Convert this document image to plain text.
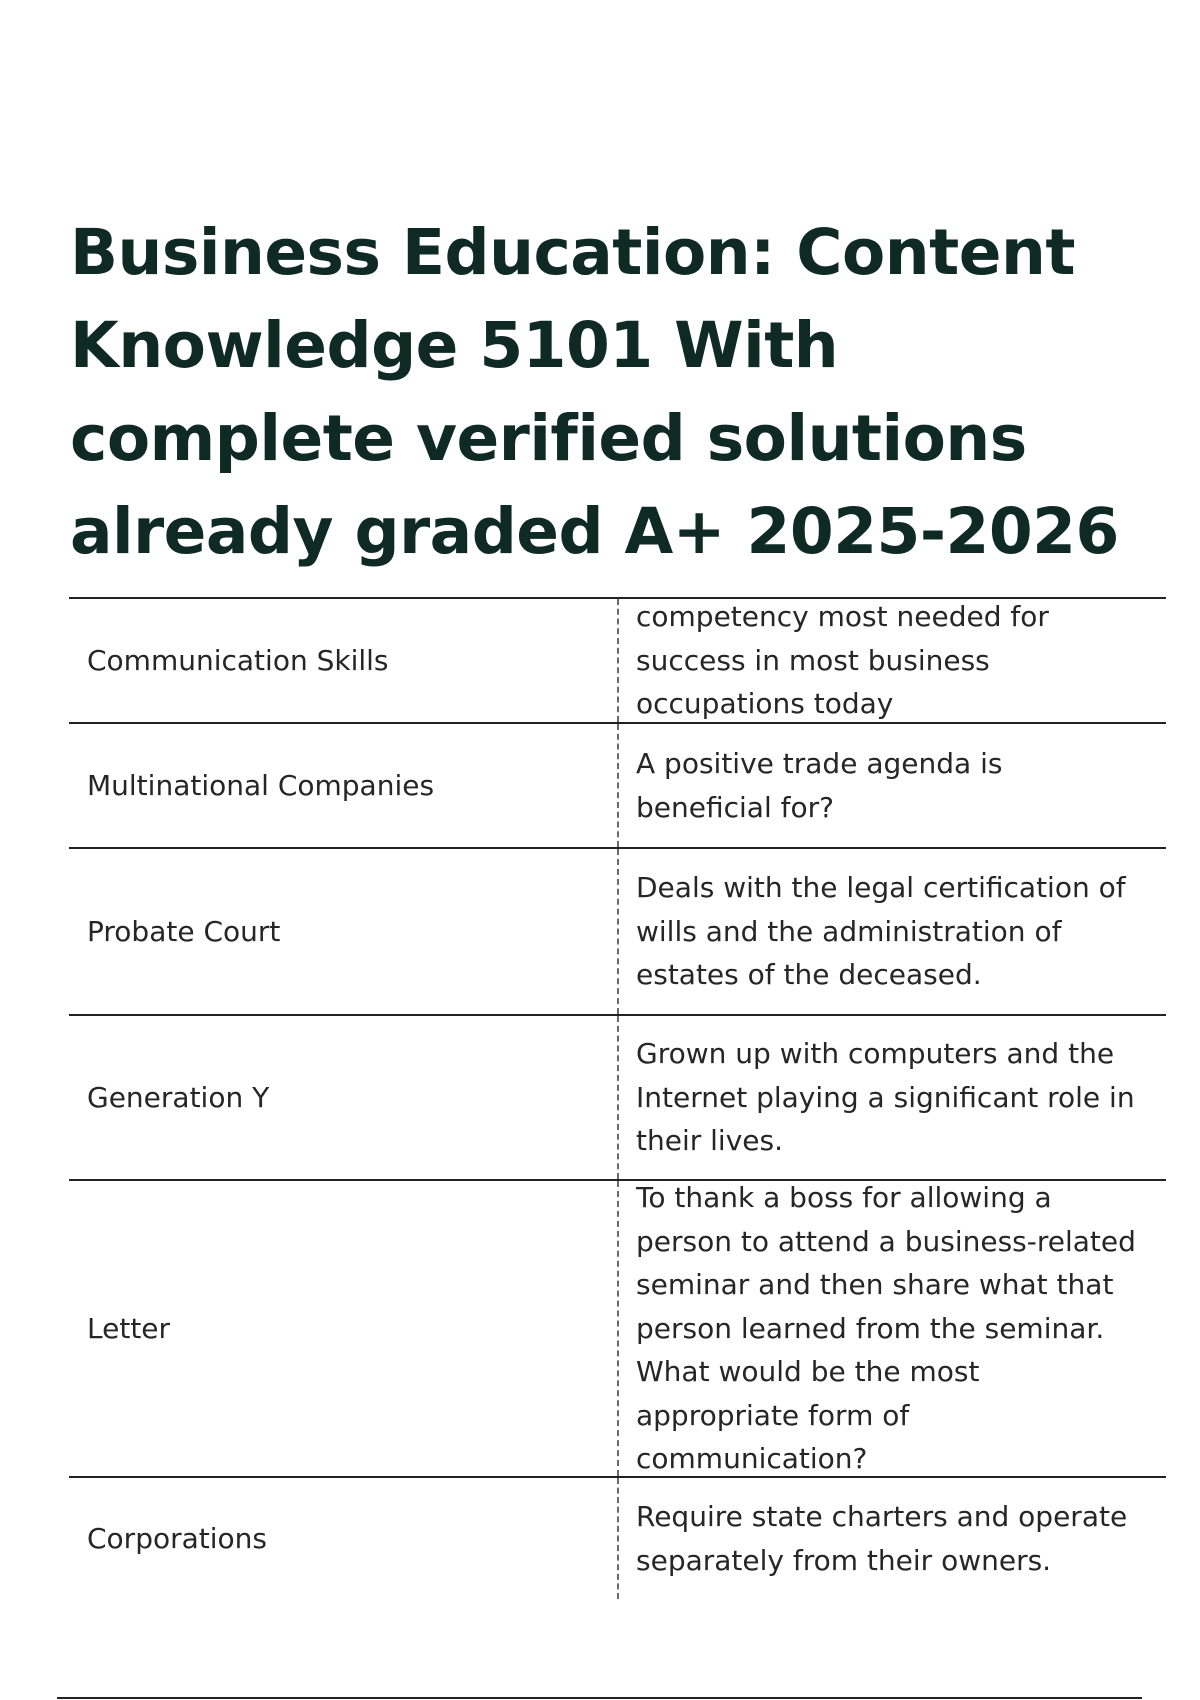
Business Education: Content Knowledge 5101 With complete verified solutions already graded A+ 2025-2026
Communication Skills
competency most needed for success in most business occupations today
Multinational Companies
A positive trade agenda is beneficial for?
Probate Court
Deals with the legal certification of wills and the administration of estates of the deceased.
Generation Y
Grown up with computers and the Internet playing a significant role in their lives.
Letter
To thank a boss for allowing a person to attend a business-related seminar and then share what that person learned from the seminar. What would be the most appropriate form of communication?
Corporations
Require state charters and operate separately from their owners.
